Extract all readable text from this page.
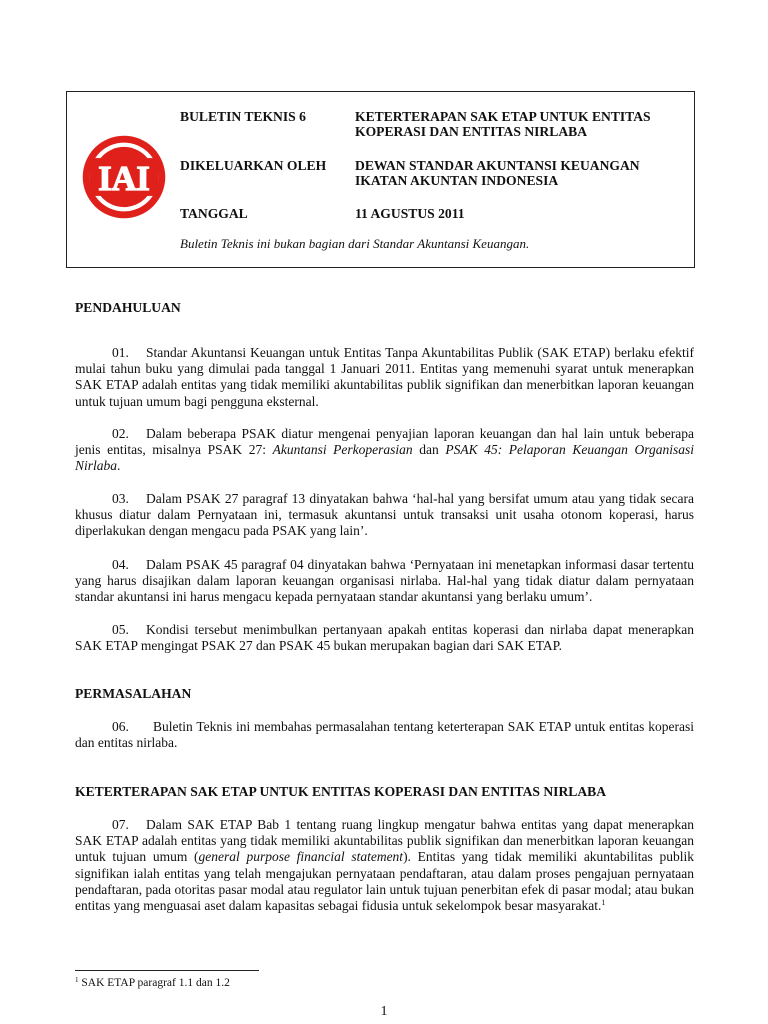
IAI
BULETIN TEKNIS 6	KETERTERAPAN SAK ETAP UNTUK ENTITAS
KOPERASI DAN ENTITAS NIRLABA
DIKELUARKAN OLEH DEWAN STANDAR AKUNTANSI KEUANGAN
IKATAN AKUNTAN INDONESIA
TANGGAL	11 AGUSTUS 2011
Buletin Teknis ini bukan bagian dari Standar Akuntansi Keuangan.
PENDAHULUAN

01. Standar Akuntansi Keuangan untuk Entitas Tanpa Akuntabilitas Publik (SAK ETAP) berlaku efektif mulai tahun buku yang dimulai pada tanggal 1 Januari 2011. Entitas yang memenuhi syarat untuk menerapkan SAK ETAP adalah entitas yang tidak memiliki akuntabilitas publik signifikan dan menerbitkan laporan keuangan untuk tujuan umum bagi pengguna eksternal.

02. Dalam beberapa PSAK diatur mengenai penyajian laporan keuangan dan hal lain untuk beberapa jenis entitas, misalnya PSAK 27: Akuntansi Perkoperasian dan PSAK 45: Pelaporan Keuangan Organisasi Nirlaba.

03. Dalam PSAK 27 paragraf 13 dinyatakan bahwa ‘hal-hal yang bersifat umum atau yang tidak secara khusus diatur dalam Pernyataan ini, termasuk akuntansi untuk transaksi unit usaha otonom koperasi, harus diperlakukan dengan mengacu pada PSAK yang lain’.

04. Dalam PSAK 45 paragraf 04 dinyatakan bahwa ‘Pernyataan ini menetapkan informasi dasar tertentu yang harus disajikan dalam laporan keuangan organisasi nirlaba. Hal-hal yang tidak diatur dalam pernyataan standar akuntansi ini harus mengacu kepada pernyataan standar akuntansi yang berlaku umum’.

05. Kondisi tersebut menimbulkan pertanyaan apakah entitas koperasi dan nirlaba dapat menerapkan SAK ETAP mengingat PSAK 27 dan PSAK 45 bukan merupakan bagian dari SAK ETAP.

PERMASALAHAN

06. Buletin Teknis ini membahas permasalahan tentang keterterapan SAK ETAP untuk entitas koperasi dan entitas nirlaba.

KETERTERAPAN SAK ETAP UNTUK ENTITAS KOPERASI DAN ENTITAS NIRLABA

07. Dalam SAK ETAP Bab 1 tentang ruang lingkup mengatur bahwa entitas yang dapat menerapkan SAK ETAP adalah entitas yang tidak memiliki akuntabilitas publik signifikan dan menerbitkan laporan keuangan untuk tujuan umum (general purpose financial statement). Entitas yang tidak memiliki akuntabilitas publik signifikan ialah entitas yang telah mengajukan pernyataan pendaftaran, atau dalam proses pengajuan pernyataan pendaftaran, pada otoritas pasar modal atau regulator lain untuk tujuan penerbitan efek di pasar modal; atau bukan entitas yang menguasai aset dalam kapasitas sebagai fidusia untuk sekelompok besar masyarakat.$^1$

$^1$ SAK ETAP paragraf 1.1 dan 1.2
1
